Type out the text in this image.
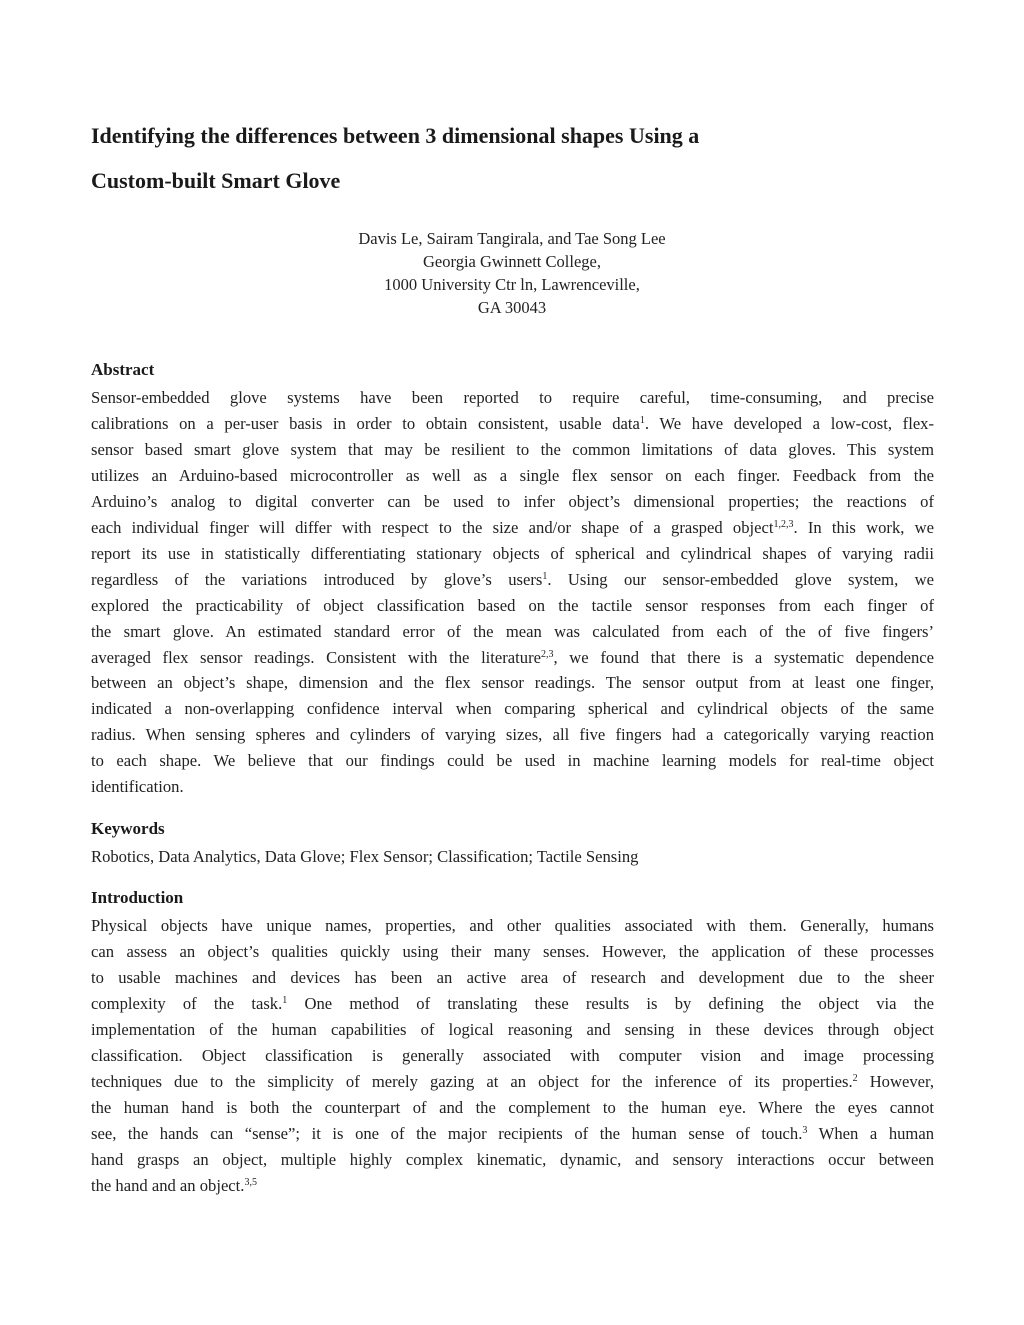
Identifying the differences between 3 dimensional shapes Using a
Custom-built Smart Glove
Davis Le, Sairam Tangirala, and Tae Song Lee
Georgia Gwinnett College,
1000 University Ctr ln, Lawrenceville,
GA 30043
Abstract

Sensor-embedded glove systems have been reported to require careful, time-consuming, and precise
calibrations on a per-user basis in order to obtain consistent, usable data$^1$. We have developed a low-cost, flex-
sensor based smart glove system that may be resilient to the common limitations of data gloves. This system
utilizes an Arduino-based microcontroller as well as a single flex sensor on each finger. Feedback from the
Arduino’s analog to digital converter can be used to infer object’s dimensional properties; the reactions of
each individual finger will differ with respect to the size and/or shape of a grasped object$^{1,2,3}$. In this work, we
report its use in statistically differentiating stationary objects of spherical and cylindrical shapes of varying radii
regardless of the variations introduced by glove’s users$^1$. Using our sensor-embedded glove system, we
explored the practicability of object classification based on the tactile sensor responses from each finger of
the smart glove. An estimated standard error of the mean was calculated from each of the of five fingers’
averaged flex sensor readings. Consistent with the literature$^{2,3}$, we found that there is a systematic dependence
between an object’s shape, dimension and the flex sensor readings. The sensor output from at least one finger,
indicated a non-overlapping confidence interval when comparing spherical and cylindrical objects of the same
radius. When sensing spheres and cylinders of varying sizes, all five fingers had a categorically varying reaction
to each shape. We believe that our findings could be used in machine learning models for real-time object
identification.

Keywords

Robotics, Data Analytics, Data Glove; Flex Sensor; Classification; Tactile Sensing

Introduction

Physical objects have unique names, properties, and other qualities associated with them. Generally, humans
can assess an object’s qualities quickly using their many senses. However, the application of these processes
to usable machines and devices has been an active area of research and development due to the sheer
complexity of the task.$^1$ One method of translating these results is by defining the object via the
implementation of the human capabilities of logical reasoning and sensing in these devices through object
classification. Object classification is generally associated with computer vision and image processing
techniques due to the simplicity of merely gazing at an object for the inference of its properties.$^2$ However,
the human hand is both the counterpart of and the complement to the human eye. Where the eyes cannot
see, the hands can “sense”; it is one of the major recipients of the human sense of touch.$^3$ When a human
hand grasps an object, multiple highly complex kinematic, dynamic, and sensory interactions occur between
the hand and an object.$^{3,5}$
